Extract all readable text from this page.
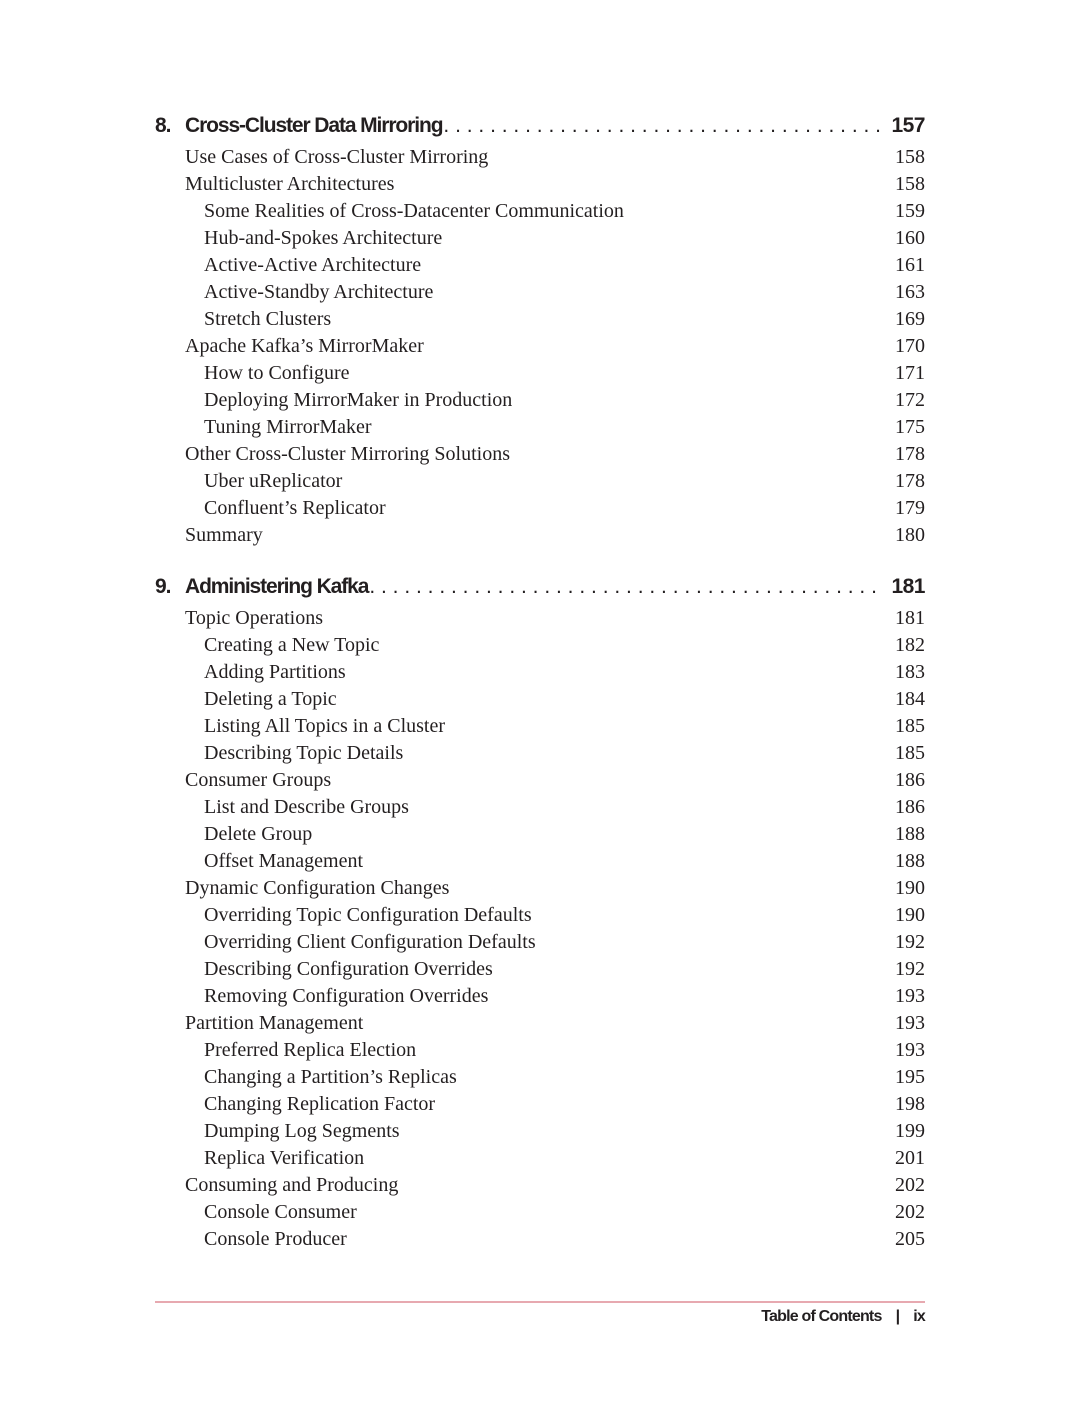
8. Cross-Cluster Data Mirroring . . .	157
Use Cases of Cross-Cluster Mirroring	158
Multicluster Architectures	158
Some Realities of Cross-Datacenter Communication	159
Hub-and-Spokes Architecture	160
Active-Active Architecture	161
Active-Standby Architecture	163
Stretch Clusters	169
Apache Kafka’s MirrorMaker	170
How to Configure	171
Deploying MirrorMaker in Production	172
Tuning MirrorMaker	175
Other Cross-Cluster Mirroring Solutions	178
Uber uReplicator	178
Confluent’s Replicator	179
Summary	180
9. Administering Kafka . . .	181
Topic Operations	181
Creating a New Topic	182
Adding Partitions	183
Deleting a Topic	184
Listing All Topics in a Cluster	185
Describing Topic Details	185
Consumer Groups	186
List and Describe Groups	186
Delete Group	188
Offset Management	188
Dynamic Configuration Changes	190
Overriding Topic Configuration Defaults	190
Overriding Client Configuration Defaults	192
Describing Configuration Overrides	192
Removing Configuration Overrides	193
Partition Management	193
Preferred Replica Election	193
Changing a Partition’s Replicas	195
Changing Replication Factor	198
Dumping Log Segments	199
Replica Verification	201
Consuming and Producing	202
Console Consumer	202
Console Producer	205
Table of Contents | ix
